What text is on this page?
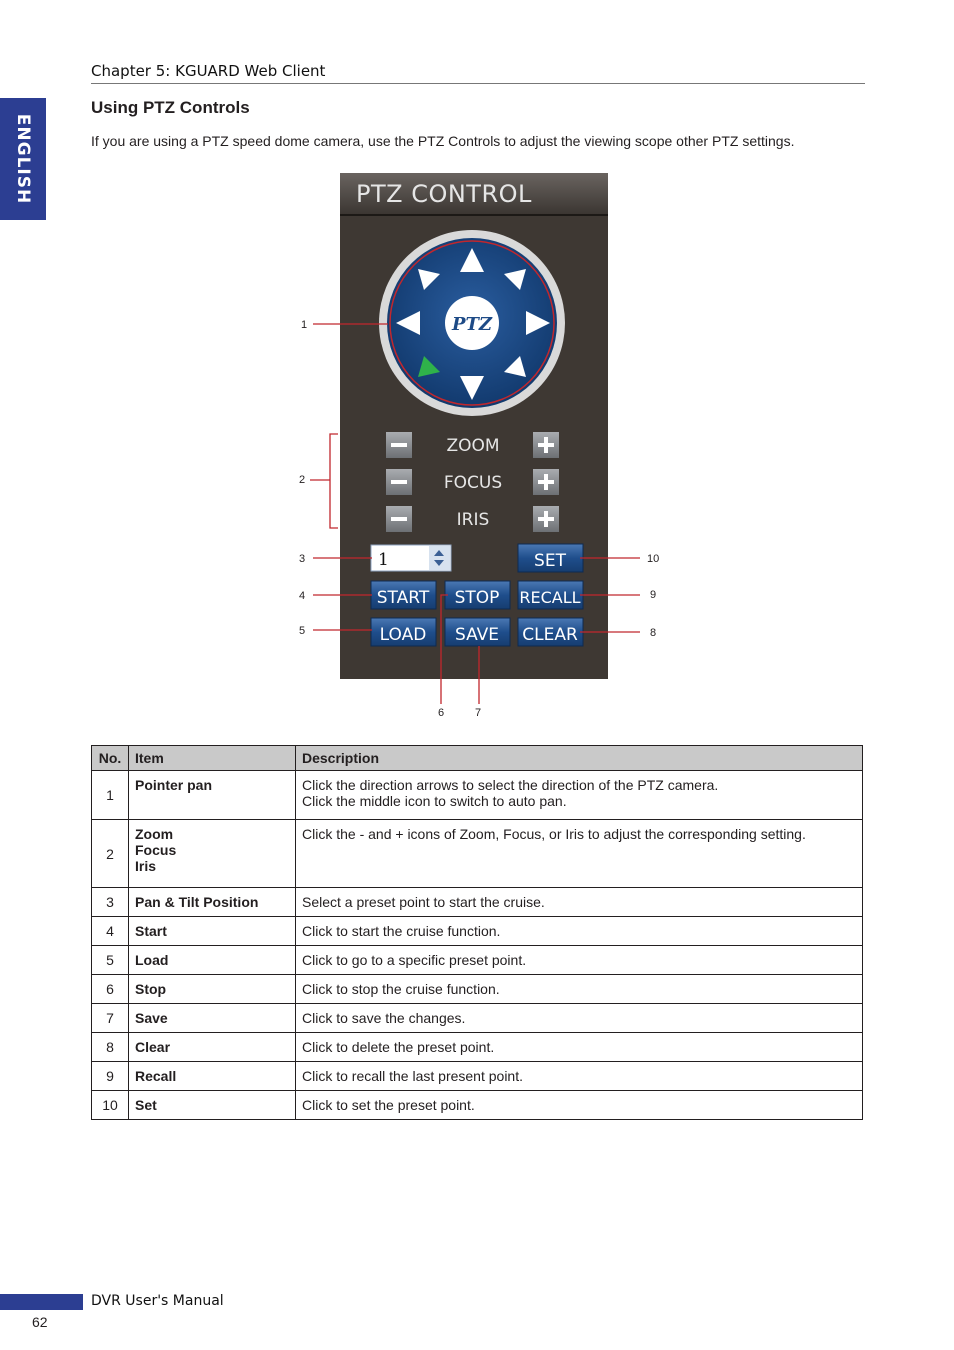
ENGLISH
Chapter 5: KGUARD Web Client
Using PTZ Controls
If you are using a PTZ speed dome camera, use the PTZ Controls to adjust the viewing scope other PTZ settings.
PTZ CONTROL
PTZ
ZOOM
FOCUS
IRIS
1	SET
START STOP RECALL
LOAD SAVE CLEAR
1
2
3
4
5
6	7
8
9
10
No.	Item	Description
1	Pointer pan	Click the direction arrows to select the direction of the PTZ camera.
Click the middle icon to switch to auto pan.

2	Zoom
Focus
Iris	Click the - and + icons of Zoom, Focus, or Iris to adjust the corresponding setting.

3	Pan & Tilt Position	Select a preset point to start the cruise.

4	Start	Click to start the cruise function.

5	Load	Click to go to a specific preset point.

6	Stop	Click to stop the cruise function.

7	Save	Click to save the changes.

8	Clear	Click to delete the preset point.

9	Recall	Click to recall the last present point.

10	Set	Click to set the preset point.
DVR User's Manual
62
